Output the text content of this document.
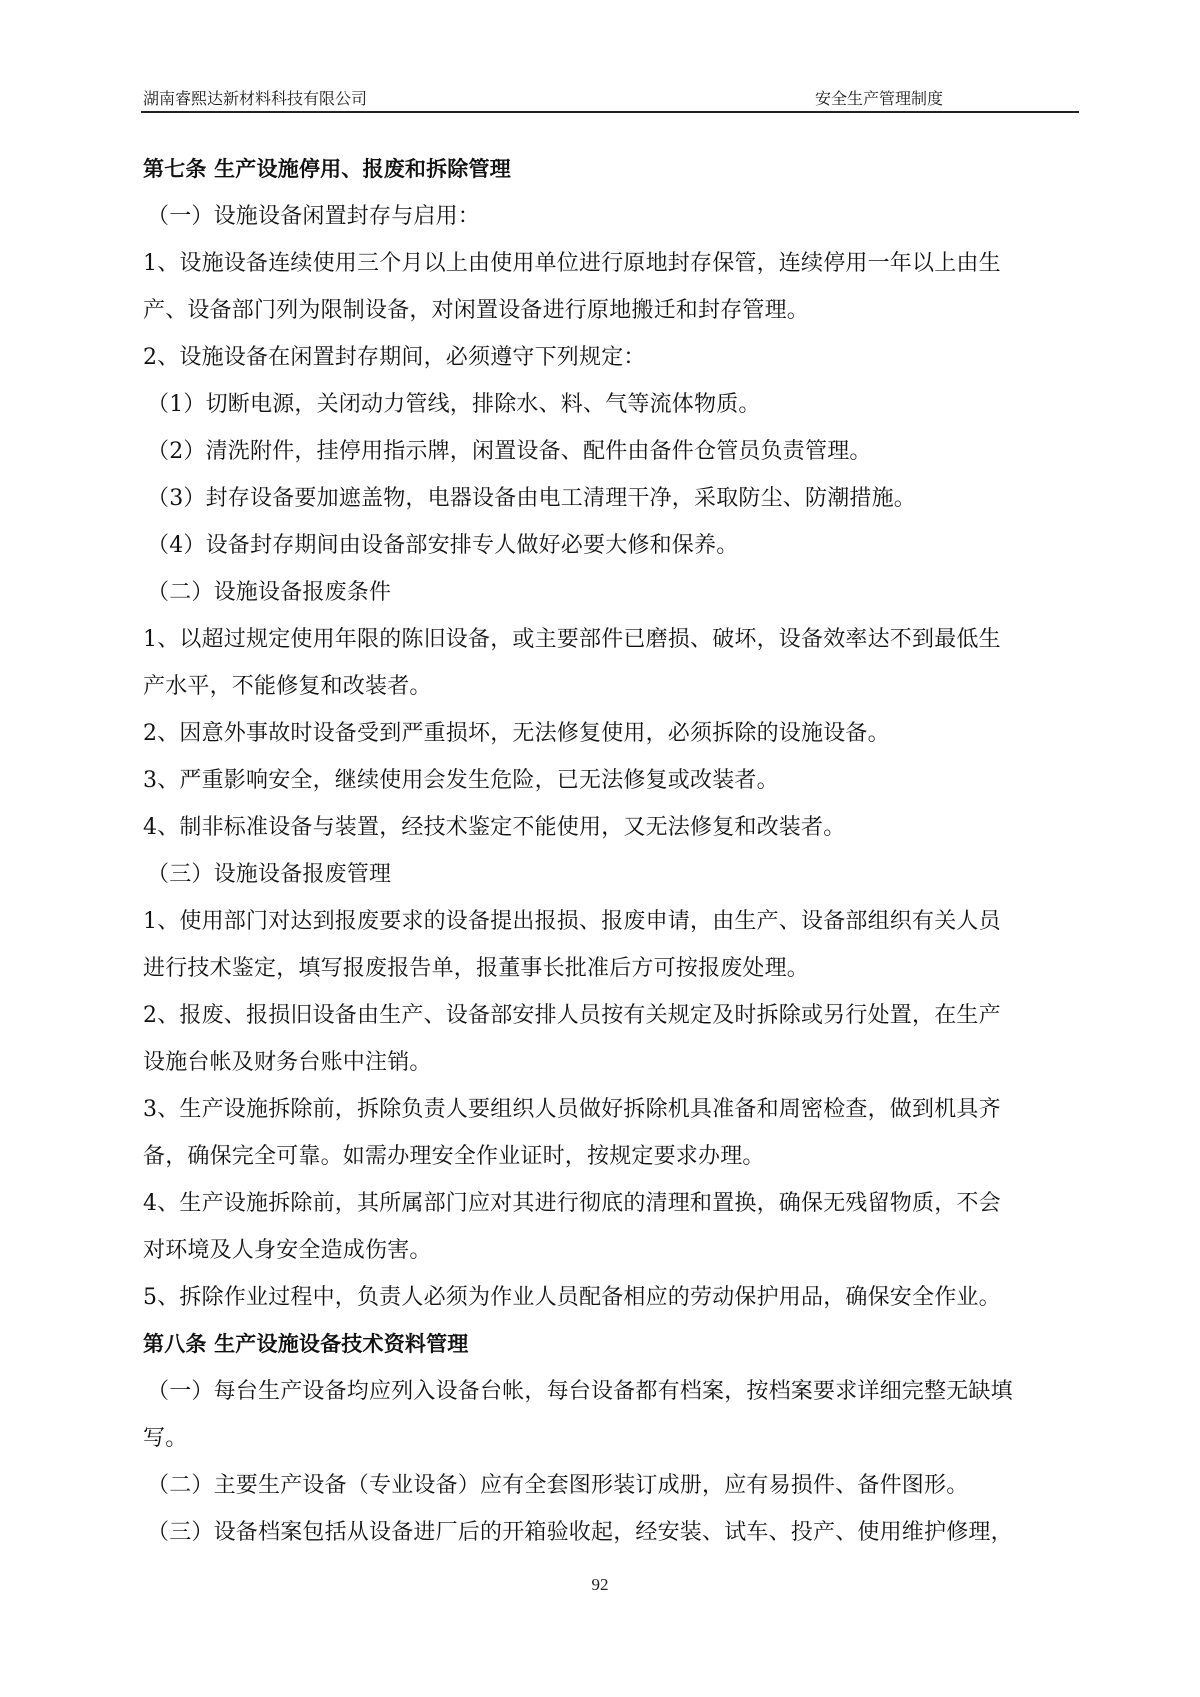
湖南睿熙达新材料科技有限公司	安全生产管理制度
第七条 生产设施停用、报废和拆除管理
（一）设施设备闲置封存与启用：
1、设施设备连续使用三个月以上由使用单位进行原地封存保管，连续停用一年以上由生
产、设备部门列为限制设备，对闲置设备进行原地搬迁和封存管理。
2、设施设备在闲置封存期间，必须遵守下列规定：
（1）切断电源，关闭动力管线，排除水、料、气等流体物质。
（2）清洗附件，挂停用指示牌，闲置设备、配件由备件仓管员负责管理。
（3）封存设备要加遮盖物，电器设备由电工清理干净，采取防尘、防潮措施。
（4）设备封存期间由设备部安排专人做好必要大修和保养。
（二）设施设备报废条件
1、以超过规定使用年限的陈旧设备，或主要部件已磨损、破坏，设备效率达不到最低生
产水平，不能修复和改装者。
2、因意外事故时设备受到严重损坏，无法修复使用，必须拆除的设施设备。
3、严重影响安全，继续使用会发生危险，已无法修复或改装者。
4、制非标准设备与装置，经技术鉴定不能使用，又无法修复和改装者。
（三）设施设备报废管理
1、使用部门对达到报废要求的设备提出报损、报废申请，由生产、设备部组织有关人员
进行技术鉴定，填写报废报告单，报董事长批准后方可按报废处理。
2、报废、报损旧设备由生产、设备部安排人员按有关规定及时拆除或另行处置，在生产
设施台帐及财务台账中注销。
3、生产设施拆除前，拆除负责人要组织人员做好拆除机具准备和周密检查，做到机具齐
备，确保完全可靠。如需办理安全作业证时，按规定要求办理。
4、生产设施拆除前，其所属部门应对其进行彻底的清理和置换，确保无残留物质，不会
对环境及人身安全造成伤害。
5、拆除作业过程中，负责人必须为作业人员配备相应的劳动保护用品，确保安全作业。
第八条 生产设施设备技术资料管理
（一）每台生产设备均应列入设备台帐，每台设备都有档案，按档案要求详细完整无缺填
写。
（二）主要生产设备（专业设备）应有全套图形装订成册，应有易损件、备件图形。
（三）设备档案包括从设备进厂后的开箱验收起，经安装、试车、投产、使用维护修理，
92
